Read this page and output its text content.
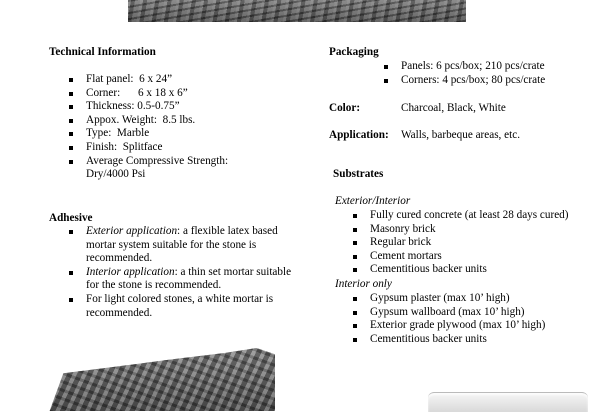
Technical Information
Flat panel: 6 x 24”
Corner: 6 x 18 x 6”
Thickness: 0.5-0.75”
Appox. Weight: 8.5 lbs.
Type: Marble
Finish: Splitface
Average Compressive Strength:
Dry/4000 Psi
Adhesive
Exterior application: a flexible latex based mortar system suitable for the stone is recommended.
Interior application: a thin set mortar suitable for the stone is recommended.
For light colored stones, a white mortar is recommended.
Packaging
Panels: 6 pcs/box; 210 pcs/crate
Corners: 4 pcs/box; 80 pcs/crate
Color:	Charcoal, Black, White
Application: Walls, barbeque areas, etc.
Substrates
Exterior/Interior
Fully cured concrete (at least 28 days cured)
Masonry brick
Regular brick
Cement mortars
Cementitious backer units
Interior only
Gypsum plaster (max 10’ high)
Gypsum wallboard (max 10’ high)
Exterior grade plywood (max 10’ high)
Cementitious backer units
